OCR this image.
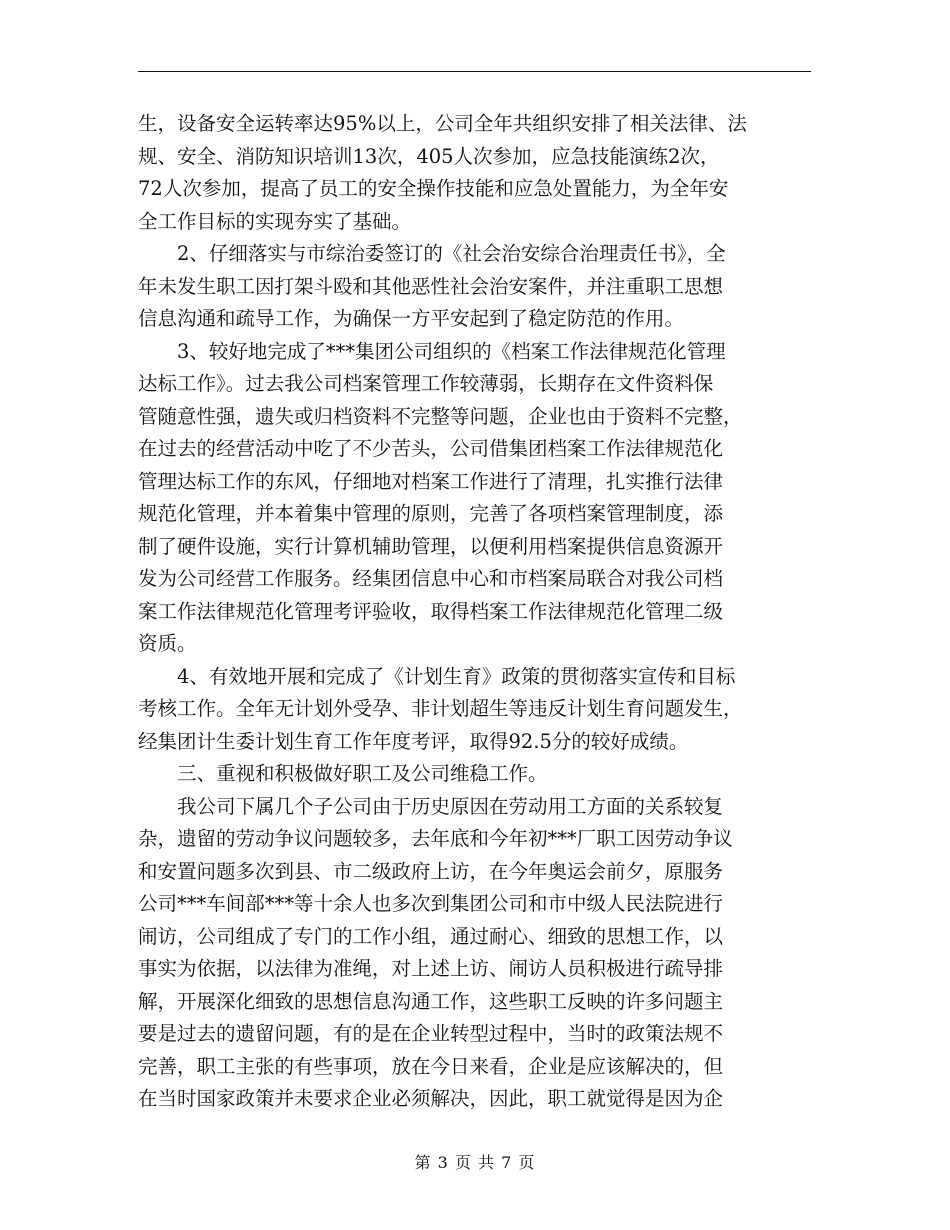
生，设备安全运转率达95%以上，公司全年共组织安排了相关法律、法
规、安全、消防知识培训13次，405人次参加，应急技能演练2次，
72人次参加，提高了员工的安全操作技能和应急处置能力，为全年安
全工作目标的实现夯实了基础。

2、仔细落实与市综治委签订的《社会治安综合治理责任书》，全
年未发生职工因打架斗殴和其他恶性社会治安案件，并注重职工思想
信息沟通和疏导工作，为确保一方平安起到了稳定防范的作用。

3、较好地完成了***集团公司组织的《档案工作法律规范化管理
达标工作》。过去我公司档案管理工作较薄弱，长期存在文件资料保
管随意性强，遗失或归档资料不完整等问题，企业也由于资料不完整，
在过去的经营活动中吃了不少苦头，公司借集团档案工作法律规范化
管理达标工作的东风，仔细地对档案工作进行了清理，扎实推行法律
规范化管理，并本着集中管理的原则，完善了各项档案管理制度，添
制了硬件设施，实行计算机辅助管理，以便利用档案提供信息资源开
发为公司经营工作服务。经集团信息中心和市档案局联合对我公司档
案工作法律规范化管理考评验收，取得档案工作法律规范化管理二级
资质。

4、有效地开展和完成了《计划生育》政策的贯彻落实宣传和目标
考核工作。全年无计划外受孕、非计划超生等违反计划生育问题发生，
经集团计生委计划生育工作年度考评，取得92.5分的较好成绩。

三、重视和积极做好职工及公司维稳工作。

我公司下属几个子公司由于历史原因在劳动用工方面的关系较复
杂，遗留的劳动争议问题较多，去年底和今年初***厂职工因劳动争议
和安置问题多次到县、市二级政府上访，在今年奥运会前夕，原服务
公司***车间部***等十余人也多次到集团公司和市中级人民法院进行
闹访，公司组成了专门的工作小组，通过耐心、细致的思想工作，以
事实为依据，以法律为准绳，对上述上访、闹访人员积极进行疏导排
解，开展深化细致的思想信息沟通工作，这些职工反映的许多问题主
要是过去的遗留问题，有的是在企业转型过程中，当时的政策法规不
完善，职工主张的有些事项，放在今日来看，企业是应该解决的，但
在当时国家政策并未要求企业必须解决，因此，职工就觉得是因为企

第 3 页 共 7 页
